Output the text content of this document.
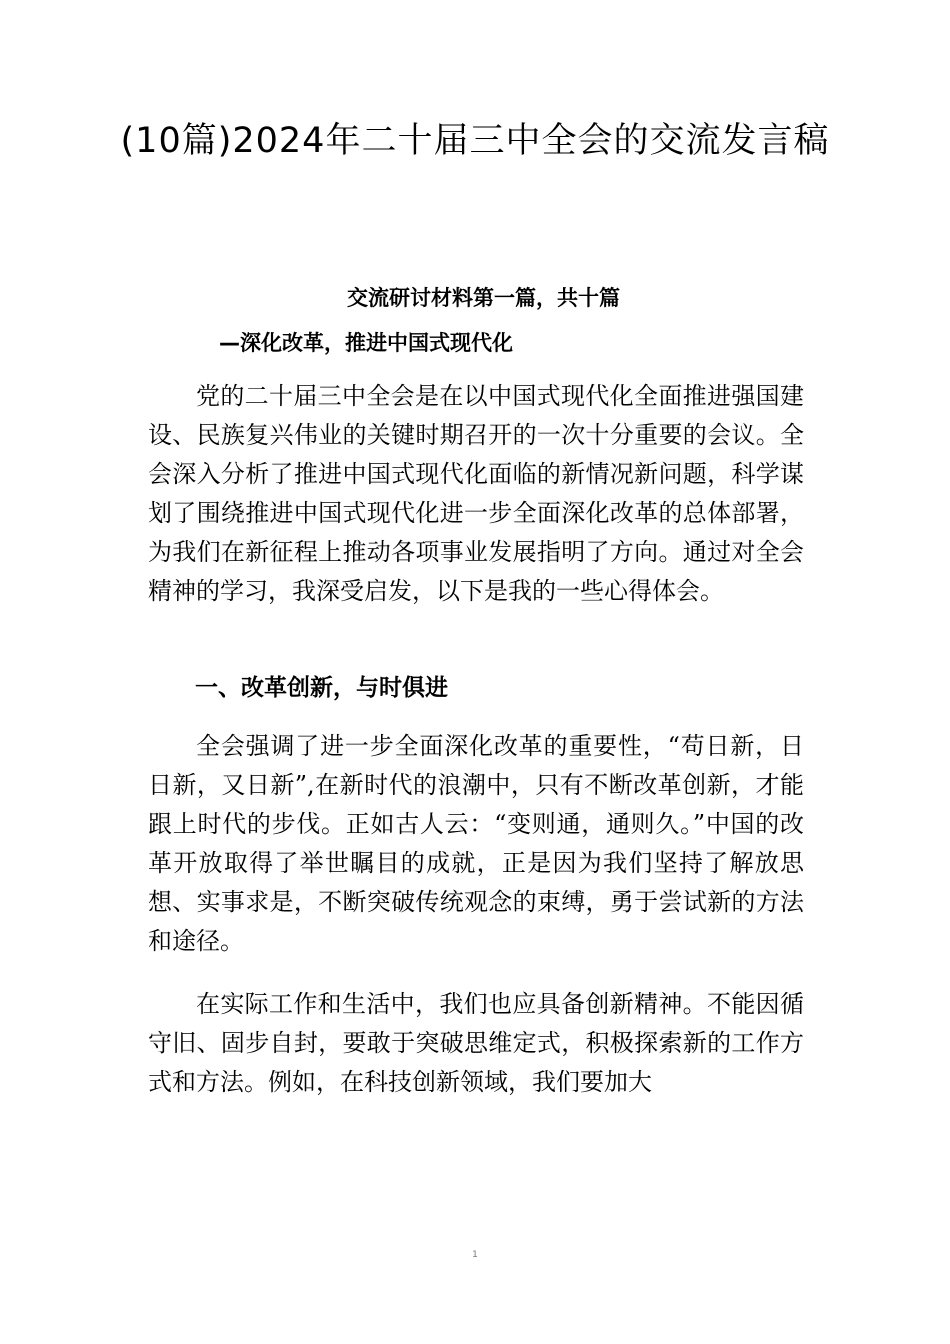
(10篇)2024年二十届三中全会的交流发言稿
交流研讨材料第一篇，共十篇
—深化改革，推进中国式现代化

党的二十届三中全会是在以中国式现代化全面推进强国建设、民族复兴伟业的关键时期召开的一次十分重要的会议。全会深入分析了推进中国式现代化面临的新情况新问题，科学谋划了围绕推进中国式现代化进一步全面深化改革的总体部署，为我们在新征程上推动各项事业发展指明了方向。通过对全会精神的学习，我深受启发，以下是我的一些心得体会。

一、改革创新，与时俱进

全会强调了进一步全面深化改革的重要性，“苟日新，日日新，又日新”,在新时代的浪潮中，只有不断改革创新，才能跟上时代的步伐。正如古人云：“变则通，通则久。”中国的改革开放取得了举世瞩目的成就，正是因为我们坚持了解放思想、实事求是，不断突破传统观念的束缚，勇于尝试新的方法和途径。

在实际工作和生活中，我们也应具备创新精神。不能因循守旧、固步自封，要敢于突破思维定式，积极探索新的工作方式和方法。例如，在科技创新领域，我们要加大

1
